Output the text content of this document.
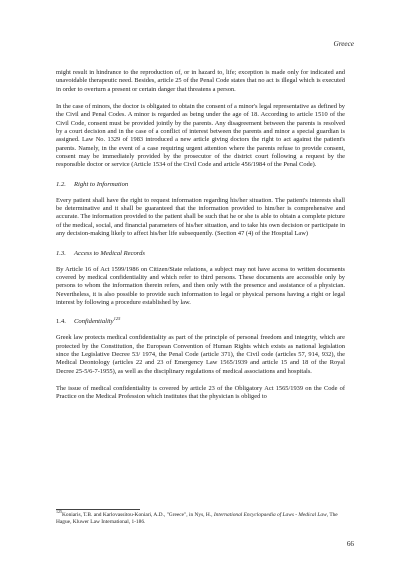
Greece

might result in hindrance to the reproduction of, or in hazard to, life; exception is made only for indicated and unavoidable therapeutic need. Besides, article 25 of the Penal Code states that no act is illegal which is executed in order to overturn a present or certain danger that threatens a person.

In the case of minors, the doctor is obligated to obtain the consent of a minor's legal representative as defined by the Civil and Penal Codes. A minor is regarded as being under the age of 18. According to article 1510 of the Civil Code, consent must be provided jointly by the parents. Any disagreement between the parents is resolved by a court decision and in the case of a conflict of interest between the parents and minor a special guardian is assigned. Law No. 1329 of 1983 introduced a new article giving doctors the right to act against the patient's parents. Namely, in the event of a case requiring urgent attention where the parents refuse to provide consent, consent may be immediately provided by the prosecutor of the district court following a request by the responsible doctor or service (Article 1534 of the Civil Code and article 456/1984 of the Penal Code).

1.2. Right to Information

Every patient shall have the right to request information regarding his/her situation. The patient's interests shall be determinative and it shall be guaranteed that the information provided to him/her is comprehensive and accurate. The information provided to the patient shall be such that he or she is able to obtain a complete picture of the medical, social, and financial parameters of his/her situation, and to take his own decision or participate in any decision-making likely to affect his/her life subsequently. (Section 47 (4) of the Hospital Law)

1.3. Access to Medical Records

By Article 16 of Act 1599/1986 on Citizen/State relations, a subject may not have access to written documents covered by medical confidentiality and which refer to third persons. These documents are accessible only by persons to whom the information therein refers, and then only with the presence and assistance of a physician. Nevertheless, it is also possible to provide such information to legal or physical persons having a right or legal interest by following a procedure established by law.

1.4. Confidentiality$^{125}$

Greek law protects medical confidentiality as part of the principle of personal freedom and integrity, which are protected by the Constitution, the European Convention of Human Rights which exists as national legislation since the Legislative Decree 53/ 1974, the Penal Code (article 371), the Civil code (articles 57, 914, 932), the Medical Deontology (articles 22 and 23 of Emergency Law 1565/1939 and article 15 and 18 of the Royal Decree 25-5/6-7-1955), as well as the disciplinary regulations of medical associations and hospitals.

The issue of medical confidentiality is covered by article 23 of the Obligatory Act 1565/1939 on the Code of Practice on the Medical Profession which institutes that the physician is obliged to

$^{125}$Koniaris, T.B. and Karlovassitou-Koniari, A.D., "Greece", in Nys, H., International Encyclopaedia of Laws - Medical Law, The Hague, Kluwer Law International, 1-186.
66
